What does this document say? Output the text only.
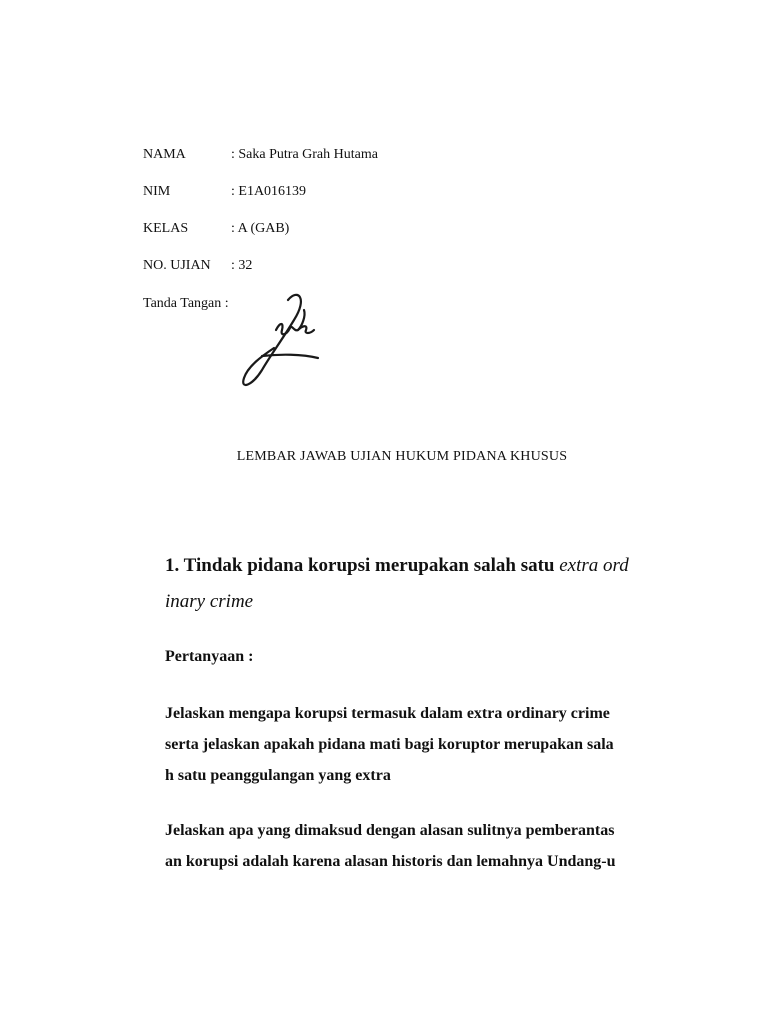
NAMA	: Saka Putra Grah Hutama
NIM	: E1A016139
KELAS	: A (GAB)
NO. UJIAN : 32
Tanda Tangan :
LEMBAR JAWAB UJIAN HUKUM PIDANA KHUSUS
1. Tindak pidana korupsi merupakan salah satu extra ord
inary crime
Pertanyaan :
Jelaskan mengapa korupsi termasuk dalam extra ordinary crime
serta jelaskan apakah pidana mati bagi koruptor merupakan sala
h satu peanggulangan yang extra
Jelaskan apa yang dimaksud dengan alasan sulitnya pemberantas
an korupsi adalah karena alasan historis dan lemahnya Undang-u
